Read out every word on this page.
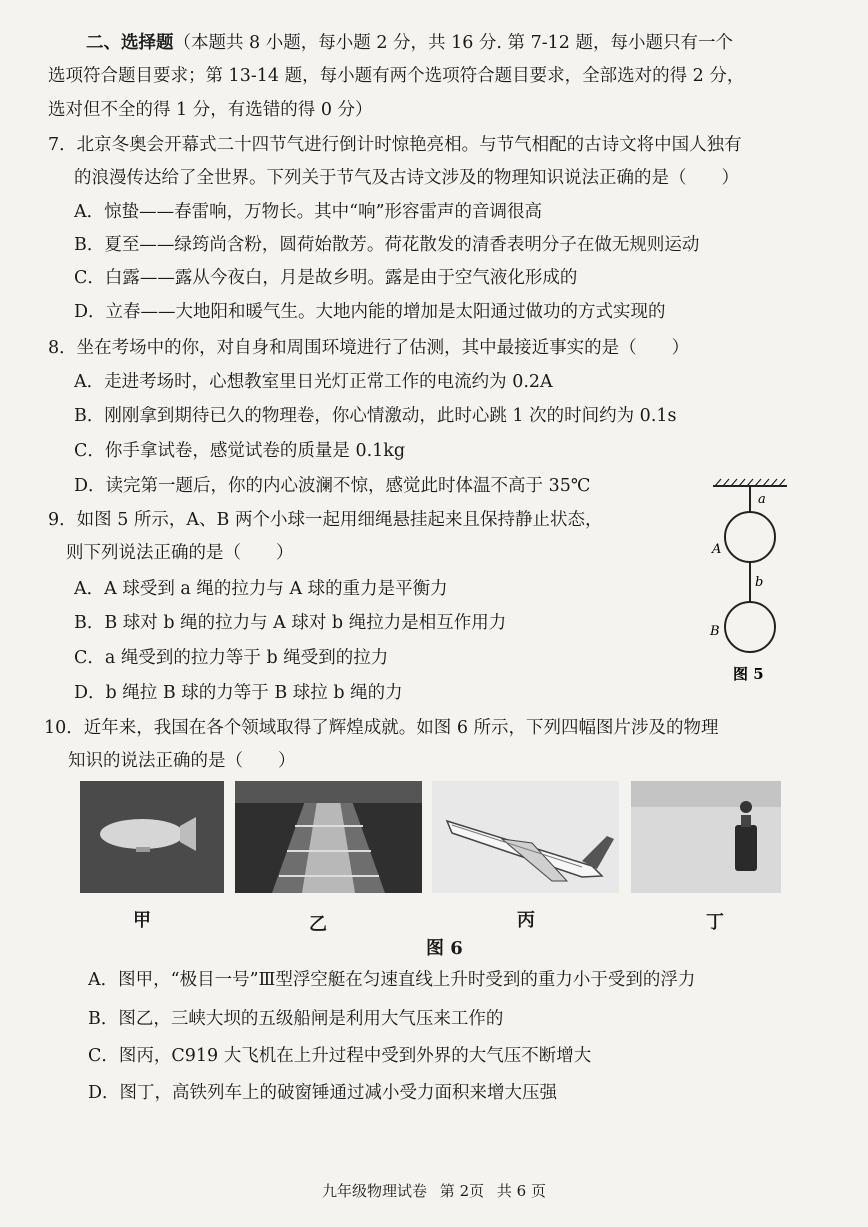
二、选择题（本题共 8 小题，每小题 2 分，共 16 分. 第 7-12 题，每小题只有一个
选项符合题目要求；第 13-14 题，每小题有两个选项符合题目要求，全部选对的得 2 分，
选对但不全的得 1 分，有选错的得 0 分）
7．北京冬奥会开幕式二十四节气进行倒计时惊艳亮相。与节气相配的古诗文将中国人独有
的浪漫传达给了全世界。下列关于节气及古诗文涉及的物理知识说法正确的是（　　）
A．惊蛰——春雷响，万物长。其中“响”形容雷声的音调很高
B．夏至——绿筠尚含粉，圆荷始散芳。荷花散发的清香表明分子在做无规则运动
C．白露——露从今夜白，月是故乡明。露是由于空气液化形成的
D．立春——大地阳和暖气生。大地内能的增加是太阳通过做功的方式实现的
8．坐在考场中的你，对自身和周围环境进行了估测，其中最接近事实的是（　　）
A．走进考场时，心想教室里日光灯正常工作的电流约为 0.2A
B．刚刚拿到期待已久的物理卷，你心情激动，此时心跳 1 次的时间约为 0.1s
C．你手拿试卷，感觉试卷的质量是 0.1kg
D．读完第一题后，你的内心波澜不惊，感觉此时体温不高于 35℃
9．如图 5 所示，A、B 两个小球一起用细绳悬挂起来且保持静止状态，
则下列说法正确的是（　　）
A．A 球受到 a 绳的拉力与 A 球的重力是平衡力
B．B 球对 b 绳的拉力与 A 球对 b 绳拉力是相互作用力
C．a 绳受到的拉力等于 b 绳受到的拉力
D．b 绳拉 B 球的力等于 B 球拉 b 绳的力
a
b
A
B
图 5
10．近年来，我国在各个领域取得了辉煌成就。如图 6 所示，下列四幅图片涉及的物理
知识的说法正确的是（　　）
甲	乙	丙	丁
图 6
A．图甲，“极目一号”Ⅲ型浮空艇在匀速直线上升时受到的重力小于受到的浮力
B．图乙，三峡大坝的五级船闸是利用大气压来工作的
C．图丙，C919 大飞机在上升过程中受到外界的大气压不断增大
D．图丁，高铁列车上的破窗锤通过减小受力面积来增大压强
九年级物理试卷 第 2页 共 6 页
